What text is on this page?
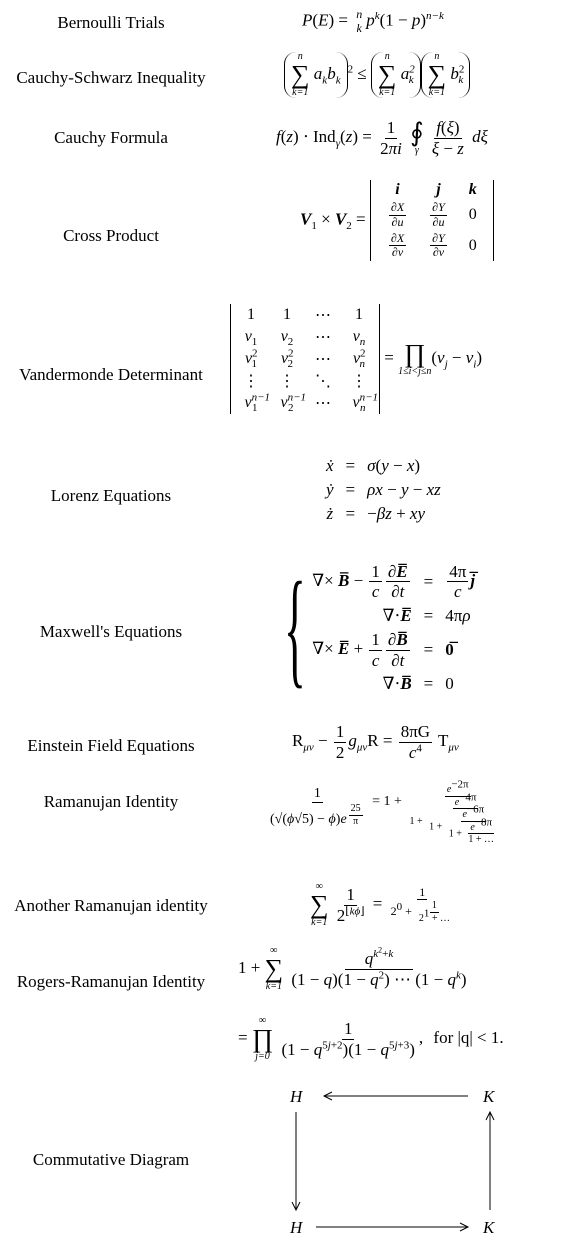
Bernoulli Trials	P(E) = n
k $p^k(1 - p)^{n-k}$
Cauchy-Schwarz Inequality
n
∑
k=1
$a_kb_k^2$ ≤
n
∑
k=1
$a^2_k$
n
∑
k=1
$b^2_k$
Cauchy Formula	$f(z) \cdot Ind_\gamma(z) = \frac{1}{2\pi i}$
∮
γ
$\frac{f(\xi)}{\xi - z}$ dξ
Cross Product
$V_1 \times V_2$ =
i	j	k

$\frac{\partial X}{\partial u}$	$\frac{\partial Y}{\partial u}$	0

$\frac{\partial X}{\partial v}$	$\frac{\partial Y}{\partial v}$	0
Vandermonde Determinant
1	1	⋯	1
$v_1$	$v_2$	⋯	$v_n$
$v^2_1$	$v^2_2$	⋯	$v^2_n$
⋮	⋮	⋱	⋮
$v^{n-1}_1$	$v^{n-1}_2$	⋯	$v^{n-1}_n$
= ∏
1≤i<j≤n
$(v_j - v_i)$
Lorenz Equations
ẋ	=	σ(y − x)
ẏ	=	ρx − y − xz
ż	=	−βz + xy
Maxwell's Equations { ∇× B̅ − $\frac{1}{c} \frac{\partial E̅}{\partial t}$	=	$\frac{4\pi}{c}$ j̅
∇⋅E̅	=	4πρ
∇× E̅ + $\frac{1}{c} \frac{\partial B̅}{\partial t}$	=	0̅
∇⋅B̅	=	0
Einstein Field Equations	$R_{\mu\nu} - \frac{1}{2} g_{\mu\nu}R = \frac{8\pi G}{c^4} T_{\mu\nu}$
Ramanujan Identity	1
(√(ϕ√5) − ϕ)e $^{\frac{25}{\pi}} = 1 + \frac{e^{-2\pi}}{1 + \frac{e^{-4\pi}}{1 + \frac{e^{-6\pi}}{1 + \frac{e^{-8\pi}}{1 + \dots}}}}$
Another Ramanujan identity
∞
∑
k=1
$\frac{1}{2^{⌊k\phi⌋}} = \frac{1}{2^0 + \frac{1}{2^1 + \dots}}$
Rogers-Ramanujan Identity
1 +
∞
∑
k=1
$\frac{q^{k^2+k}}{(1 - q)(1 - q^2) \cdots (1 - q^k)}$
=
∞
∏
j=0
$\frac{1}{(1 - q^{5j+2})(1 - q^{5j+3})}$ , for |q| < 1.
Commutative Diagram
H	K
H	K
